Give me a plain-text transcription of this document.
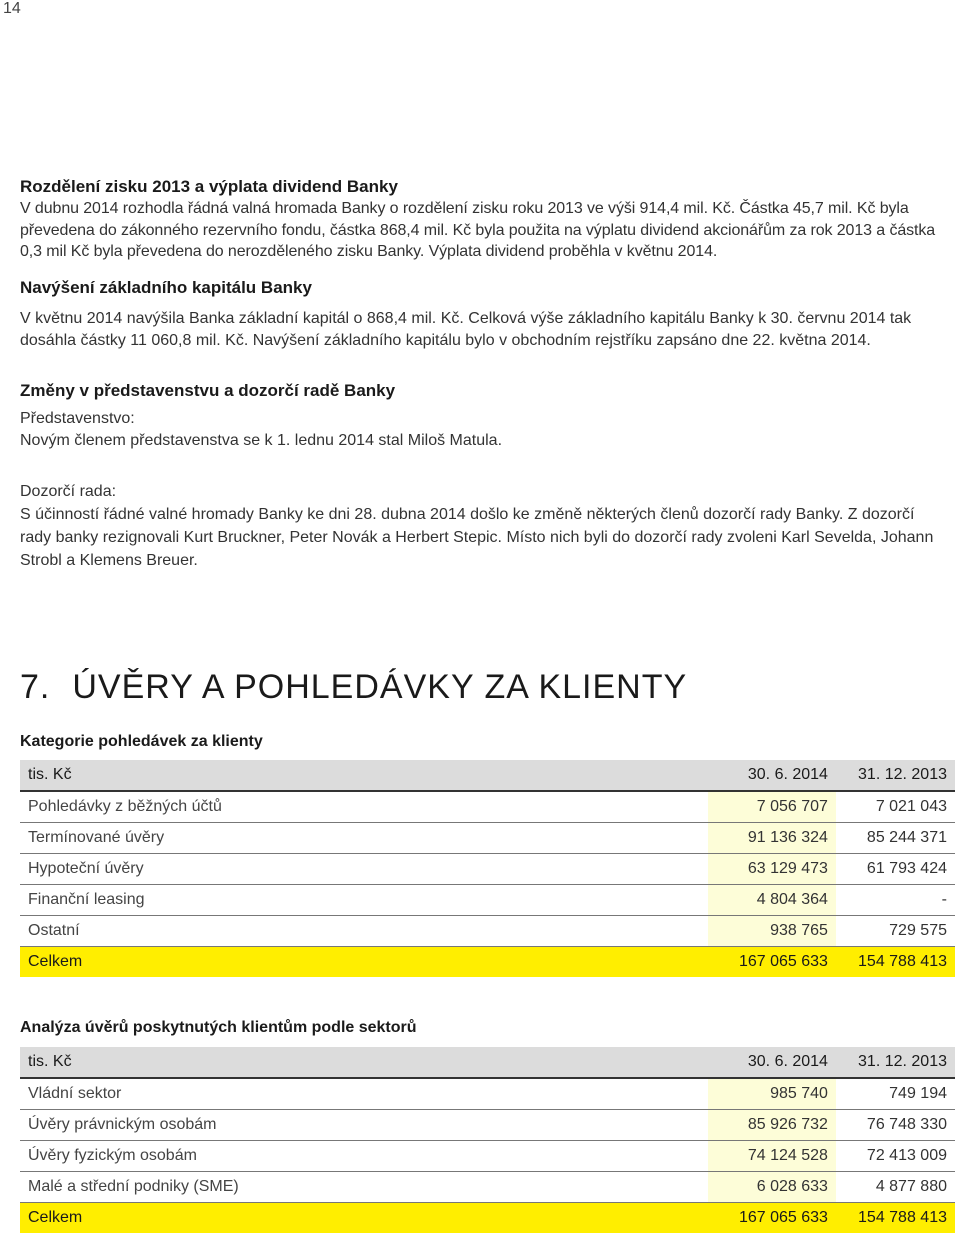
14
Rozdělení zisku 2013 a výplata dividend Banky

V dubnu 2014 rozhodla řádná valná hromada Banky o rozdělení zisku roku 2013 ve výši 914,4 mil. Kč. Částka 45,7 mil. Kč byla převedena do zákonného rezervního fondu, částka 868,4 mil. Kč byla použita na výplatu dividend akcionářům za rok 2013 a částka 0,3 mil Kč byla převedena do nerozděleného zisku Banky. Výplata dividend proběhla v květnu 2014.

Navýšení základního kapitálu Banky

V květnu 2014 navýšila Banka základní kapitál o 868,4 mil. Kč. Celková výše základního kapitálu Banky k 30. červnu 2014 tak dosáhla částky 11 060,8 mil. Kč. Navýšení základního kapitálu bylo v obchodním rejstříku zapsáno dne 22. května 2014.

Změny v představenstvu a dozorčí radě Banky

Představenstvo:

Novým členem představenstva se k 1. lednu 2014 stal Miloš Matula.

Dozorčí rada:

S účinností řádné valné hromady Banky ke dni 28. dubna 2014 došlo ke změně některých členů dozorčí rady Banky. Z dozorčí rady banky rezignovali Kurt Bruckner, Peter Novák a Herbert Stepic. Místo nich byli do dozorčí rady zvoleni Karl Sevelda, Johann Strobl a Klemens Breuer.

7. ÚVĚRY A POHLEDÁVKY ZA KLIENTY
Kategorie pohledávek za klienty
tis. Kč	30. 6. 2014	31. 12. 2013
Pohledávky z běžných účtů	7 056 707	7 021 043
Termínované úvěry	91 136 324	85 244 371
Hypoteční úvěry	63 129 473	61 793 424
Finanční leasing	4 804 364	-
Ostatní	938 765	729 575
Celkem	167 065 633	154 788 413
Analýza úvěrů poskytnutých klientům podle sektorů
tis. Kč	30. 6. 2014	31. 12. 2013
Vládní sektor	985 740	749 194
Úvěry právnickým osobám	85 926 732	76 748 330
Úvěry fyzickým osobám	74 124 528	72 413 009
Malé a střední podniky (SME)	6 028 633	4 877 880
Celkem	167 065 633	154 788 413
